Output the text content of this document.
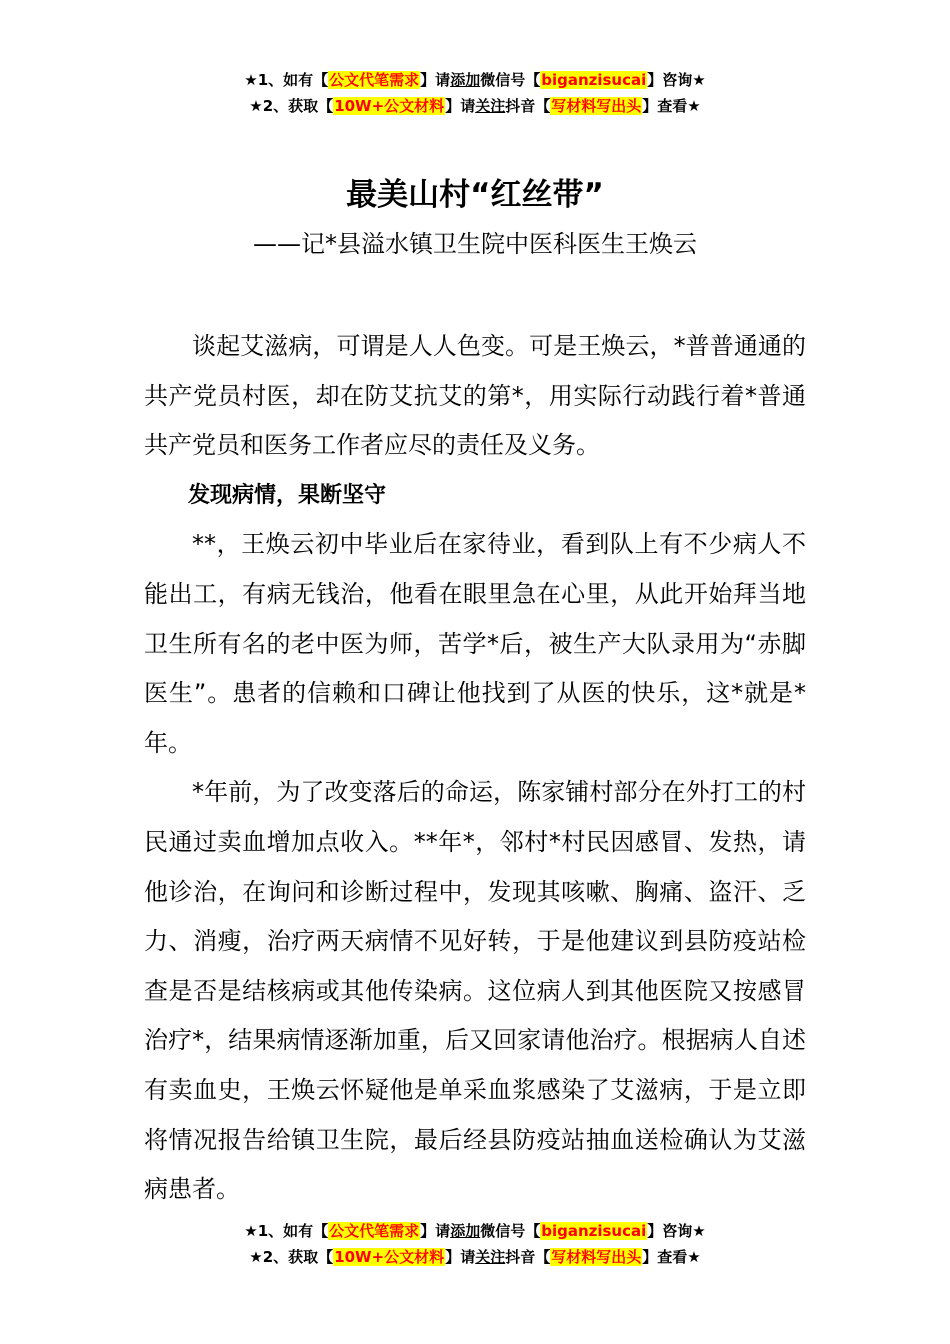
★1、如有【公文代笔需求】请添加微信号【biganzisucai】咨询★
★2、获取【10W+公文材料】请关注抖音【写材料写出头】查看★
最美山村“红丝带”
——记*县溢水镇卫生院中医科医生王焕云

谈起艾滋病，可谓是人人色变。可是王焕云，*普普通通的共产党员村医，却在防艾抗艾的第*，用实际行动践行着*普通共产党员和医务工作者应尽的责任及义务。

发现病情，果断坚守

**，王焕云初中毕业后在家待业，看到队上有不少病人不能出工，有病无钱治，他看在眼里急在心里，从此开始拜当地卫生所有名的老中医为师，苦学*后，被生产大队录用为“赤脚医生”。患者的信赖和口碑让他找到了从医的快乐，这*就是*年。

*年前，为了改变落后的命运，陈家铺村部分在外打工的村民通过卖血增加点收入。**年*，邻村*村民因感冒、发热，请他诊治，在询问和诊断过程中，发现其咳嗽、胸痛、盗汗、乏力、消瘦，治疗两天病情不见好转，于是他建议到县防疫站检查是否是结核病或其他传染病。这位病人到其他医院又按感冒治疗*，结果病情逐渐加重，后又回家请他治疗。根据病人自述有卖血史，王焕云怀疑他是单采血浆感染了艾滋病，于是立即将情况报告给镇卫生院，最后经县防疫站抽血送检确认为艾滋病患者。

★1、如有【公文代笔需求】请添加微信号【biganzisucai】咨询★
★2、获取【10W+公文材料】请关注抖音【写材料写出头】查看★
